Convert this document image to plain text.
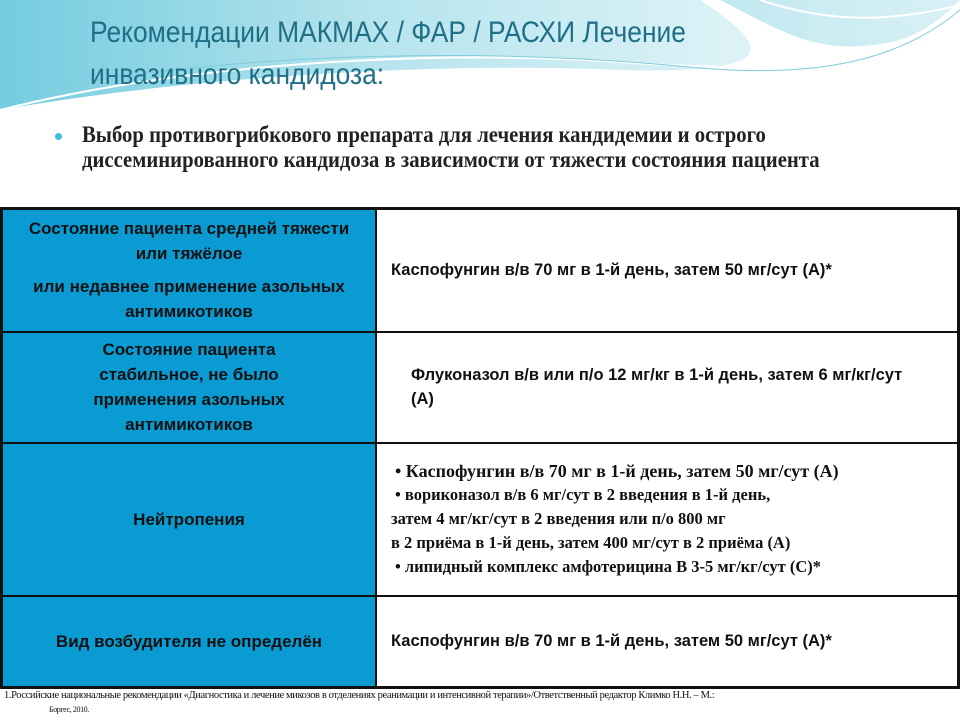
Рекомендации МАКМАХ / ФАР / РАСХИ Лечение инвазивного кандидоза:
Выбор противогрибкового препарата для лечения кандидемии и острого диссеминированного кандидоза в зависимости от тяжести состояния пациента
Состояние пациента средней тяжести или тяжёлое
или недавнее применение азольных антимикотиков	Каспофунгин в/в 70 мг в 1-й день, затем 50 мг/сут (А)*

Состояние пациента стабильное, не было применения азольных антимикотиков	Флуконазол в/в или п/о 12 мг/кг в 1-й день, затем 6 мг/кг/сут (А)

Нейтропения	• Каспофунгин в/в 70 мг в 1-й день, затем 50 мг/сут (А)
• вориконазол в/в 6 мг/сут в 2 введения в 1-й день,
затем 4 мг/кг/сут в 2 введения или п/о 800 мг
в 2 приёма в 1-й день, затем 400 мг/сут в 2 приёма (А)
• липидный комплекс амфотерицина В 3-5 мг/кг/сут (С)*

Вид возбудителя не определён	Каспофунгин в/в 70 мг в 1-й день, затем 50 мг/сут (А)*
1.Российские национальные рекомендации «Диагностика и лечение микозов в отделениях реанимации и интенсивной терапии»/Ответственный редактор Климко Н.Н. – М.:
Боргес, 2010.
